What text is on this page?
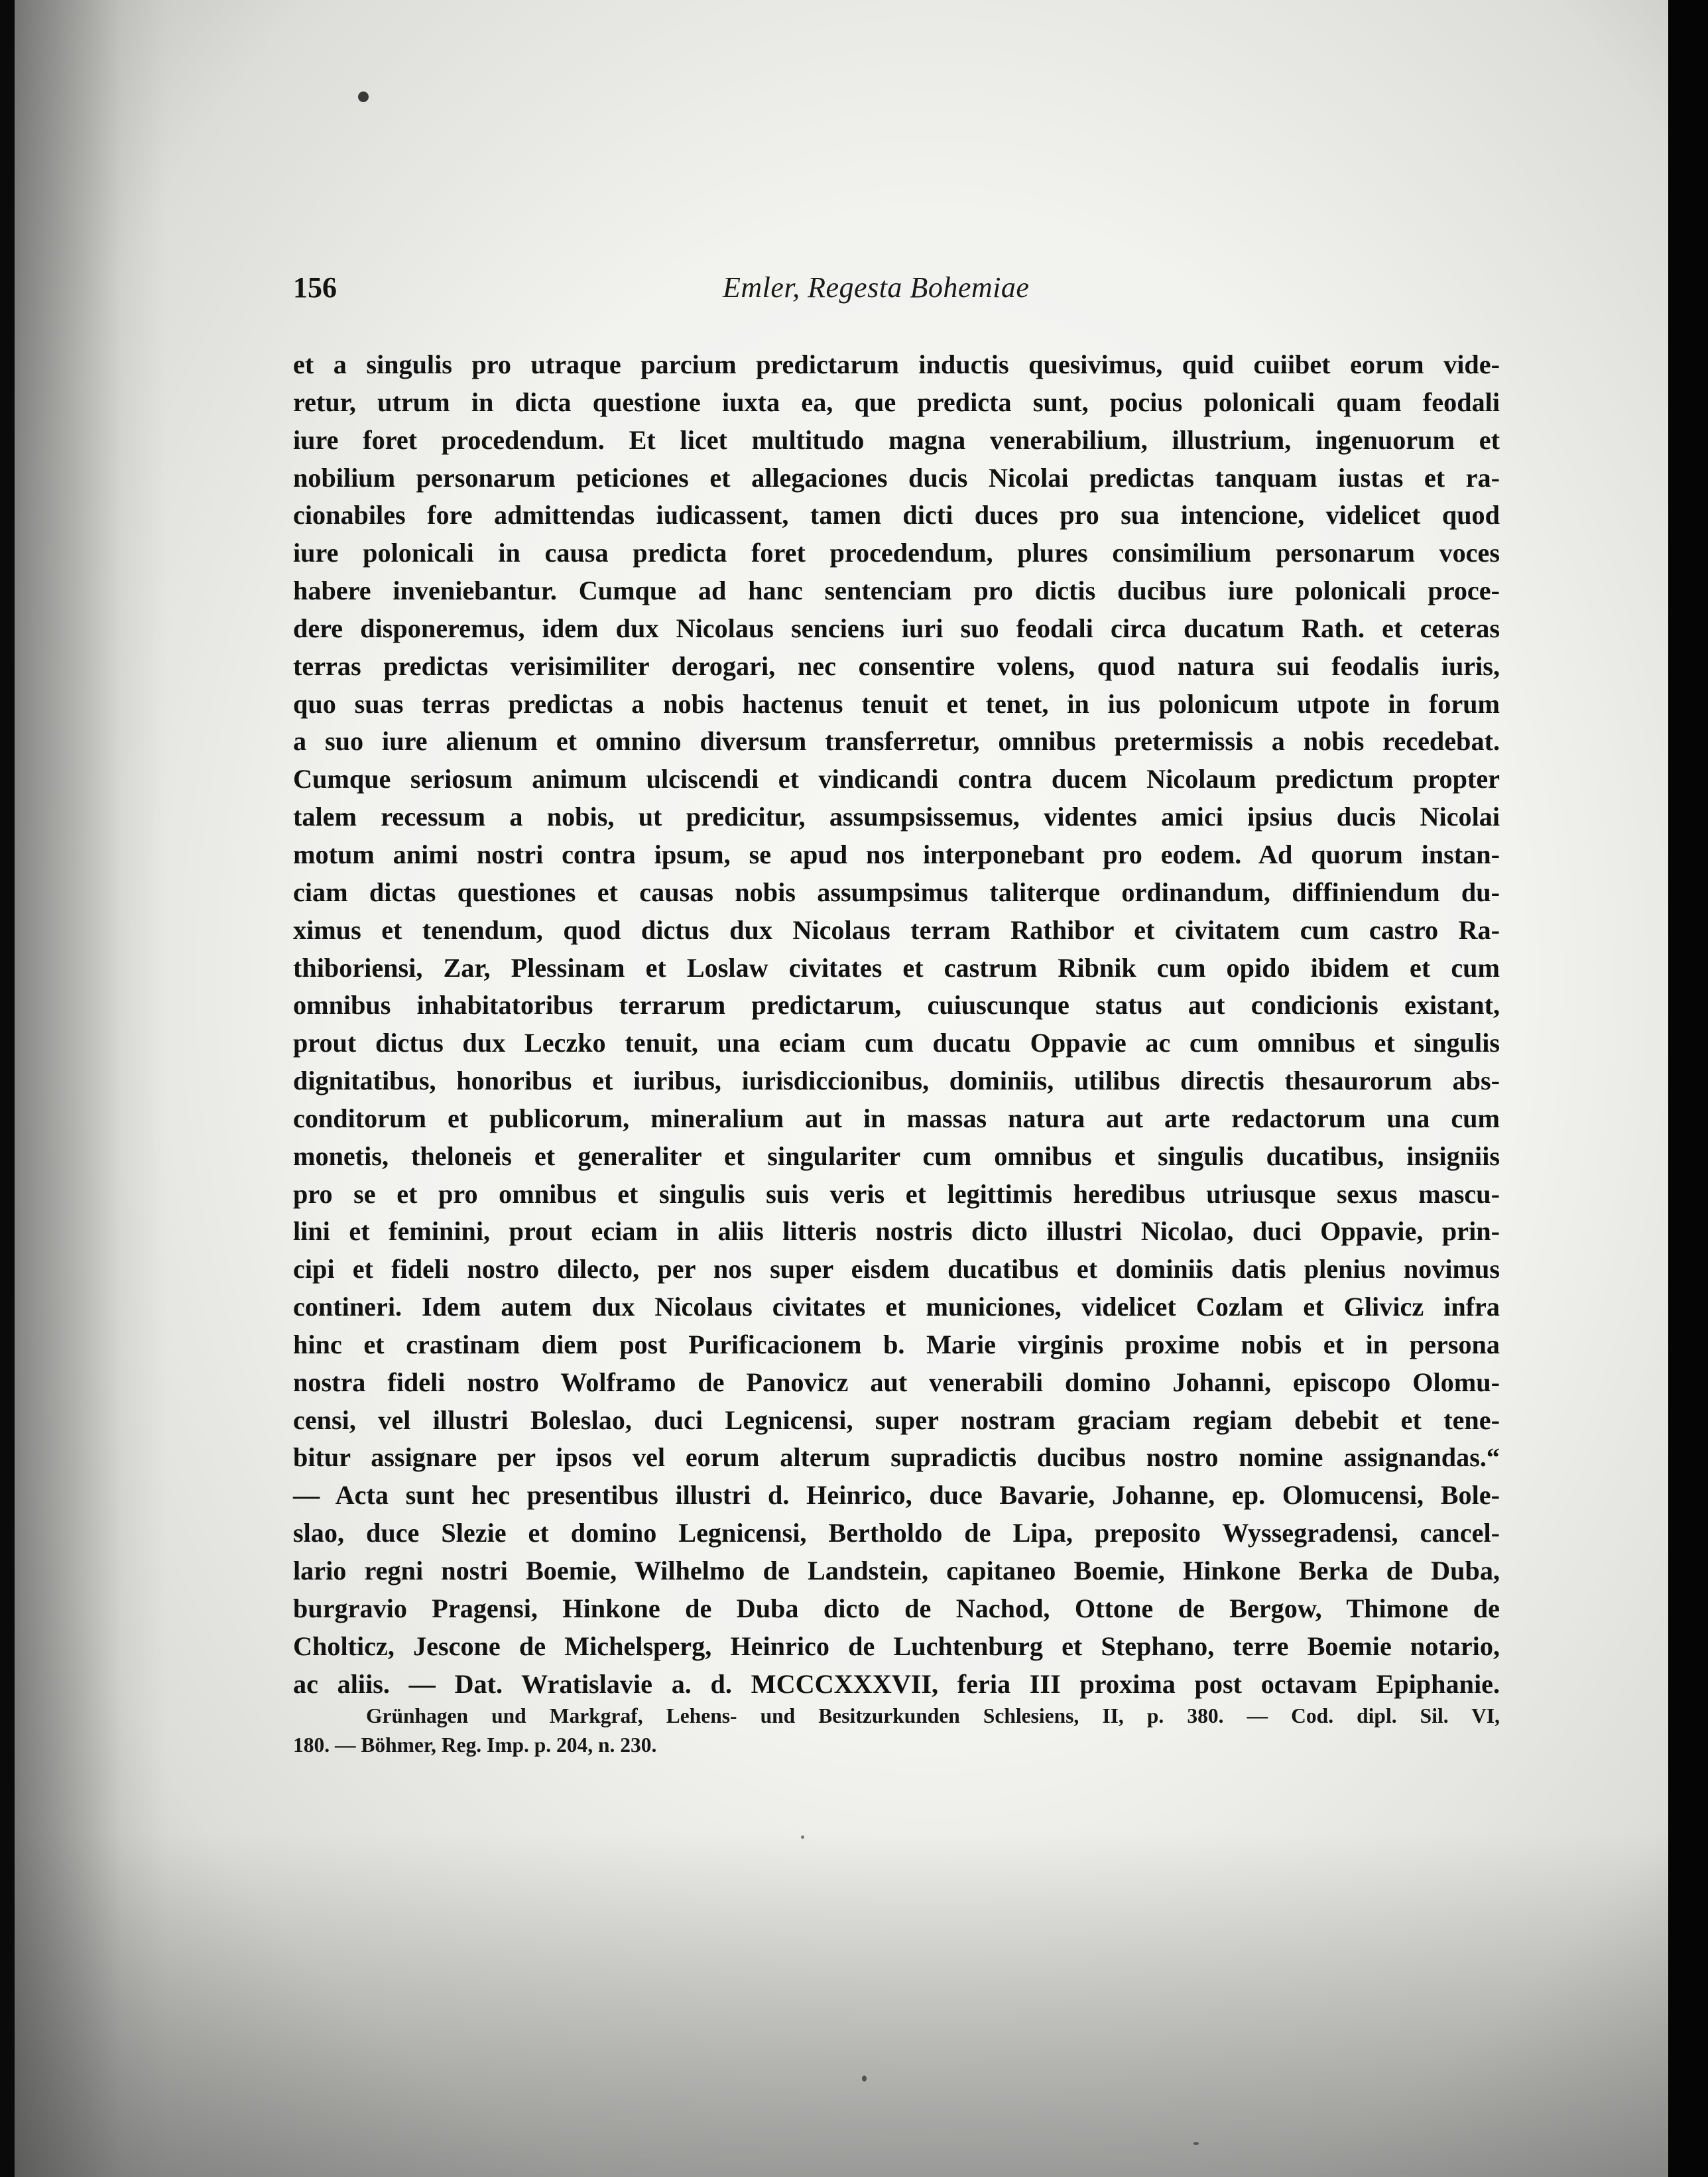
156	Emler, Regesta Bohemiae
et a singulis pro utraque parcium predictarum inductis quesivimus, quid cuiibet eorum vide-
retur, utrum in dicta questione iuxta ea, que predicta sunt, pocius polonicali quam feodali
iure foret procedendum. Et licet multitudo magna venerabilium, illustrium, ingenuorum et
nobilium personarum peticiones et allegaciones ducis Nicolai predictas tanquam iustas et ra-
cionabiles fore admittendas iudicassent, tamen dicti duces pro sua intencione, videlicet quod
iure polonicali in causa predicta foret procedendum, plures consimilium personarum voces
habere inveniebantur. Cumque ad hanc sentenciam pro dictis ducibus iure polonicali proce-
dere disponeremus, idem dux Nicolaus senciens iuri suo feodali circa ducatum Rath. et ceteras
terras predictas verisimiliter derogari, nec consentire volens, quod natura sui feodalis iuris,
quo suas terras predictas a nobis hactenus tenuit et tenet, in ius polonicum utpote in forum
a suo iure alienum et omnino diversum transferretur, omnibus pretermissis a nobis recedebat.
Cumque seriosum animum ulciscendi et vindicandi contra ducem Nicolaum predictum propter
talem recessum a nobis, ut predicitur, assumpsissemus, videntes amici ipsius ducis Nicolai
motum animi nostri contra ipsum, se apud nos interponebant pro eodem. Ad quorum instan-
ciam dictas questiones et causas nobis assumpsimus taliterque ordinandum, diffiniendum du-
ximus et tenendum, quod dictus dux Nicolaus terram Rathibor et civitatem cum castro Ra-
thiboriensi, Zar, Plessinam et Loslaw civitates et castrum Ribnik cum opido ibidem et cum
omnibus inhabitatoribus terrarum predictarum, cuiuscunque status aut condicionis existant,
prout dictus dux Leczko tenuit, una eciam cum ducatu Oppavie ac cum omnibus et singulis
dignitatibus, honoribus et iuribus, iurisdiccionibus, dominiis, utilibus directis thesaurorum abs-
conditorum et publicorum, mineralium aut in massas natura aut arte redactorum una cum
monetis, theloneis et generaliter et singulariter cum omnibus et singulis ducatibus, insigniis
pro se et pro omnibus et singulis suis veris et legittimis heredibus utriusque sexus mascu-
lini et feminini, prout eciam in aliis litteris nostris dicto illustri Nicolao, duci Oppavie, prin-
cipi et fideli nostro dilecto, per nos super eisdem ducatibus et dominiis datis plenius novimus
contineri. Idem autem dux Nicolaus civitates et municiones, videlicet Cozlam et Glivicz infra
hinc et crastinam diem post Purificacionem b. Marie virginis proxime nobis et in persona
nostra fideli nostro Wolframo de Panovicz aut venerabili domino Johanni, episcopo Olomu-
censi, vel illustri Boleslao, duci Legnicensi, super nostram graciam regiam debebit et tene-
bitur assignare per ipsos vel eorum alterum supradictis ducibus nostro nomine assignandas.“
— Acta sunt hec presentibus illustri d. Heinrico, duce Bavarie, Johanne, ep. Olomucensi, Bole-
slao, duce Slezie et domino Legnicensi, Bertholdo de Lipa, preposito Wyssegradensi, cancel-
lario regni nostri Boemie, Wilhelmo de Landstein, capitaneo Boemie, Hinkone Berka de Duba,
burgravio Pragensi, Hinkone de Duba dicto de Nachod, Ottone de Bergow, Thimone de
Cholticz, Jescone de Michelsperg, Heinrico de Luchtenburg et Stephano, terre Boemie notario,
ac aliis. — Dat. Wratislavie a. d. MCCCXXXVII, feria III proxima post octavam Epiphanie.
Grünhagen und Markgraf, Lehens- und Besitzurkunden Schlesiens, II, p. 380. — Cod. dipl. Sil. VI,
180. — Böhmer, Reg. Imp. p. 204, n. 230.
